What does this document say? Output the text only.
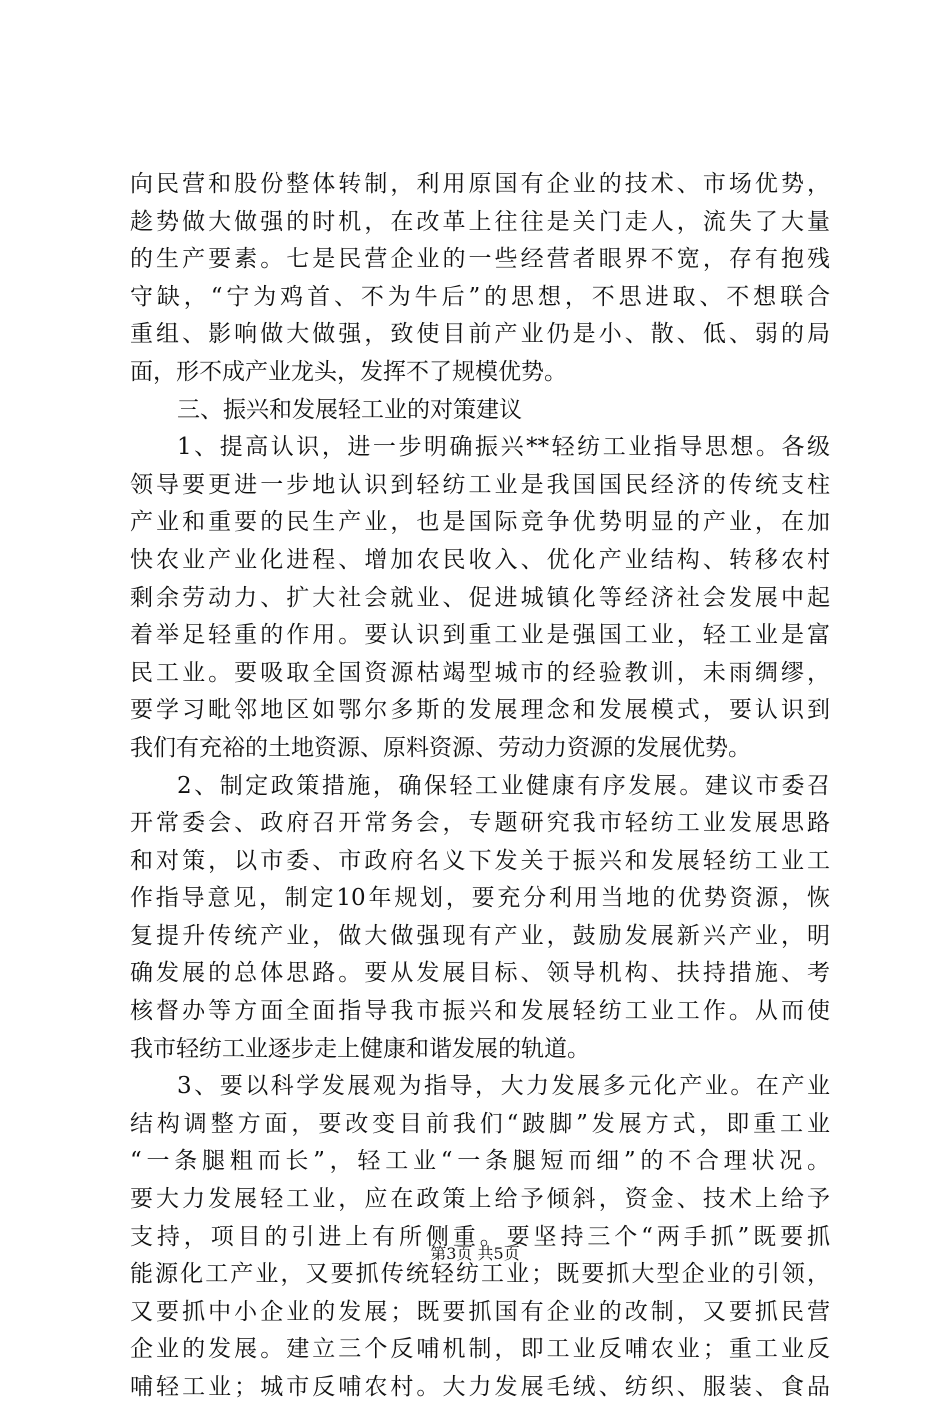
向民营和股份整体转制，利用原国有企业的技术、市场优势，
趁势做大做强的时机，在改革上往往是关门走人，流失了大量
的生产要素。七是民营企业的一些经营者眼界不宽，存有抱残
守缺，“宁为鸡首、不为牛后”的思想，不思进取、不想联合
重组、影响做大做强，致使目前产业仍是小、散、低、弱的局
面，形不成产业龙头，发挥不了规模优势。
三、振兴和发展轻工业的对策建议
1、提高认识，进一步明确振兴**轻纺工业指导思想。各级
领导要更进一步地认识到轻纺工业是我国国民经济的传统支柱
产业和重要的民生产业，也是国际竞争优势明显的产业，在加
快农业产业化进程、增加农民收入、优化产业结构、转移农村
剩余劳动力、扩大社会就业、促进城镇化等经济社会发展中起
着举足轻重的作用。要认识到重工业是强国工业，轻工业是富
民工业。要吸取全国资源枯竭型城市的经验教训，未雨绸缪，
要学习毗邻地区如鄂尔多斯的发展理念和发展模式，要认识到
我们有充裕的土地资源、原料资源、劳动力资源的发展优势。
2、制定政策措施，确保轻工业健康有序发展。建议市委召
开常委会、政府召开常务会，专题研究我市轻纺工业发展思路
和对策，以市委、市政府名义下发关于振兴和发展轻纺工业工
作指导意见，制定10年规划，要充分利用当地的优势资源，恢
复提升传统产业，做大做强现有产业，鼓励发展新兴产业，明
确发展的总体思路。要从发展目标、领导机构、扶持措施、考
核督办等方面全面指导我市振兴和发展轻纺工业工作。从而使
我市轻纺工业逐步走上健康和谐发展的轨道。
3、要以科学发展观为指导，大力发展多元化产业。在产业
结构调整方面，要改变目前我们“跛脚”发展方式，即重工业
“一条腿粗而长”，轻工业“一条腿短而细”的不合理状况。
要大力发展轻工业，应在政策上给予倾斜，资金、技术上给予
支持，项目的引进上有所侧重。要坚持三个“两手抓”既要抓
能源化工产业，又要抓传统轻纺工业；既要抓大型企业的引领，
又要抓中小企业的发展；既要抓国有企业的改制，又要抓民营
企业的发展。建立三个反哺机制，即工业反哺农业；重工业反
哺轻工业；城市反哺农村。大力发展毛绒、纺织、服装、食品
第3页 共5页
